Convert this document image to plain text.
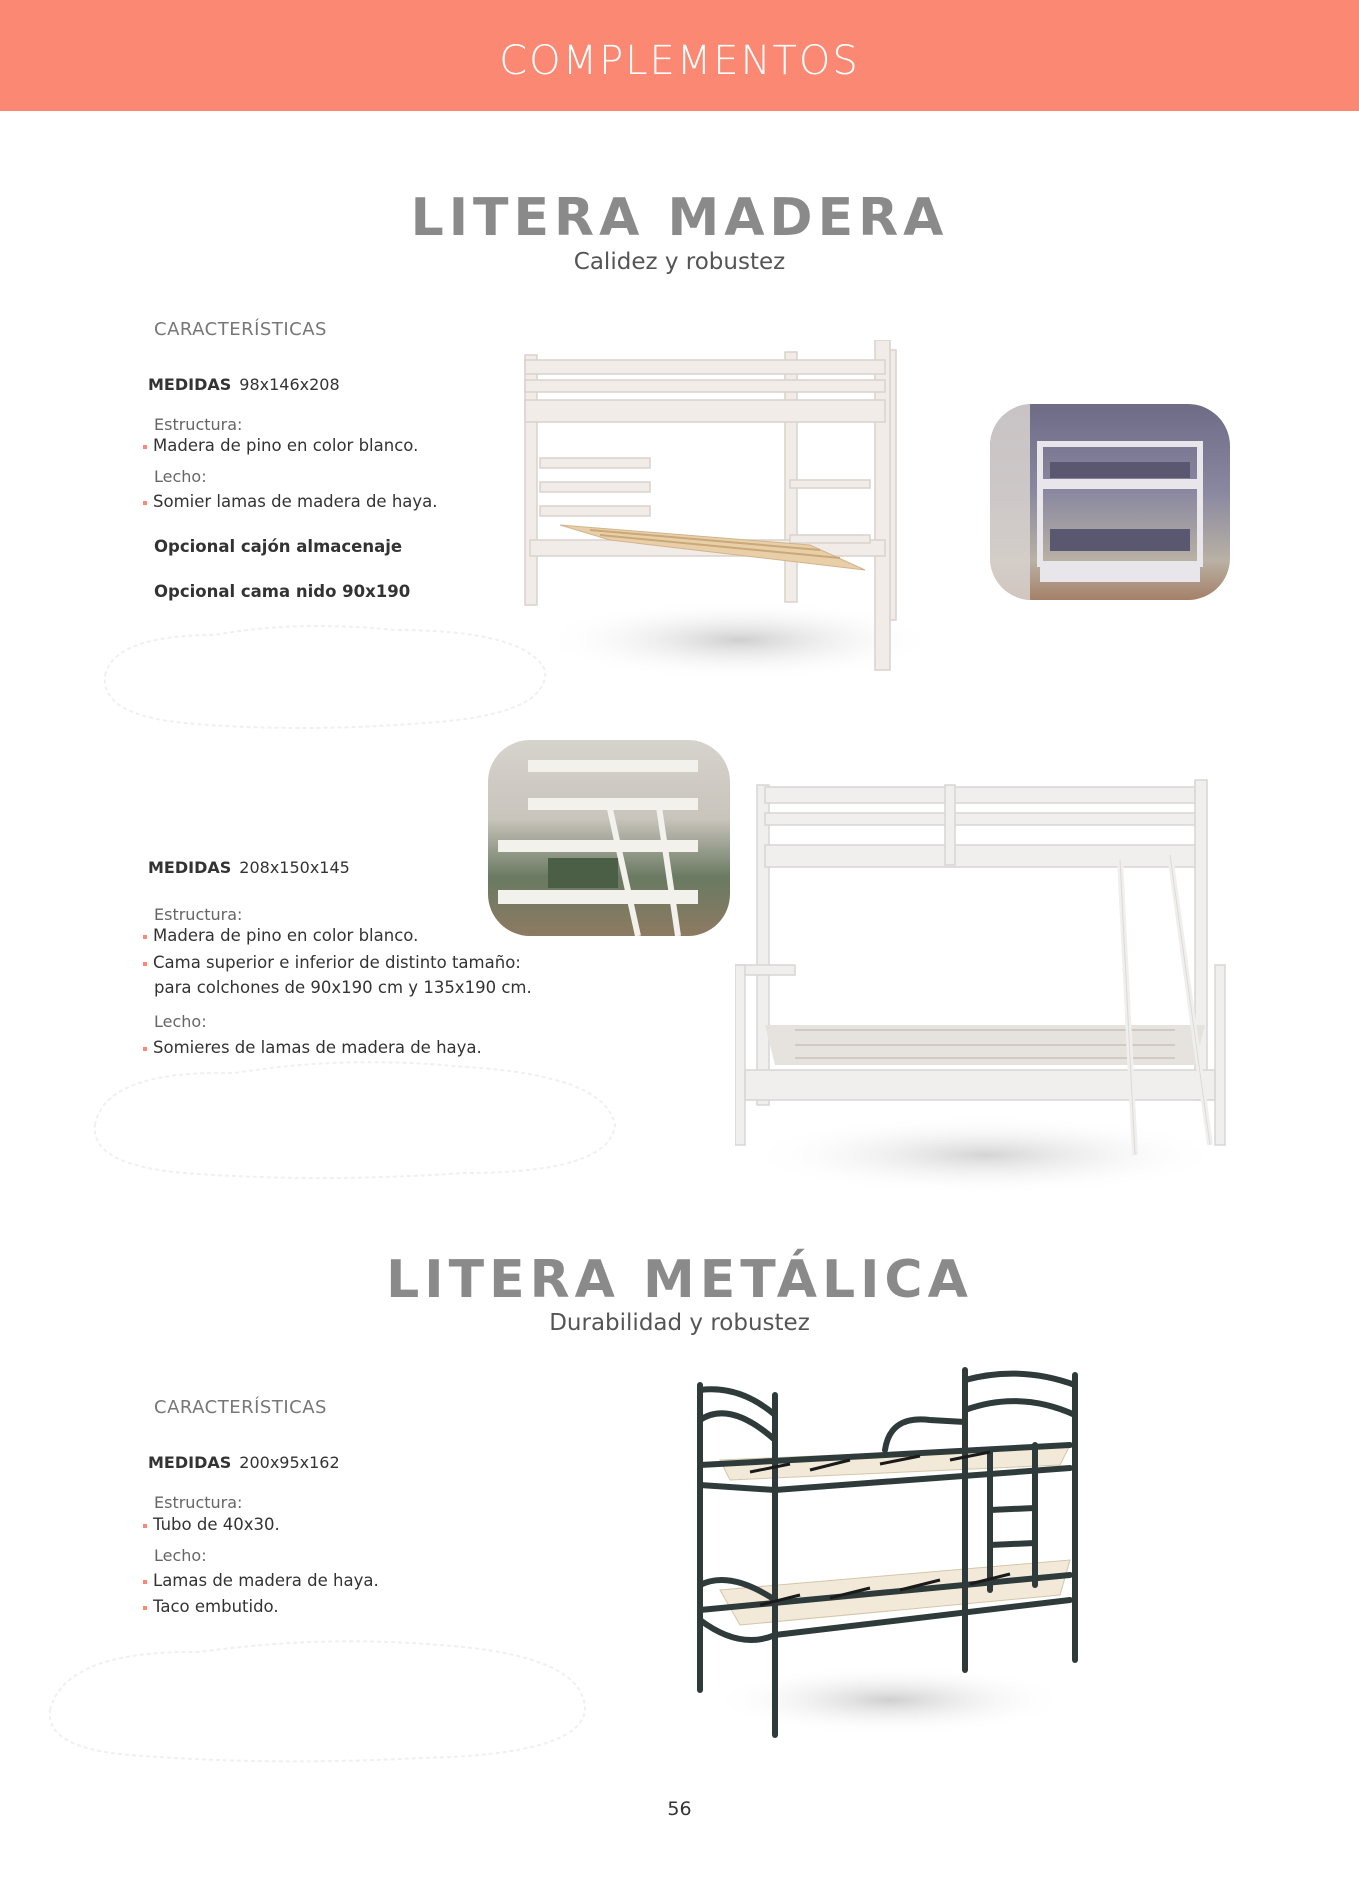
COMPLEMENTOS
LITERA MADERA
Calidez y robustez
CARACTERÍSTICAS
MEDIDAS 98x146x208
Estructura:
Madera de pino en color blanco.
Lecho:
Somier lamas de madera de haya.
Opcional cajón almacenaje
Opcional cama nido 90x190
MEDIDAS 208x150x145
Estructura:
Madera de pino en color blanco.
Cama superior e inferior de distinto tamaño:
para colchones de 90x190 cm y 135x190 cm.
Lecho:
Somieres de lamas de madera de haya.
LITERA METÁLICA
Durabilidad y robustez
CARACTERÍSTICAS
MEDIDAS 200x95x162
Estructura:
Tubo de 40x30.
Lecho:
Lamas de madera de haya.
Taco embutido.
56
